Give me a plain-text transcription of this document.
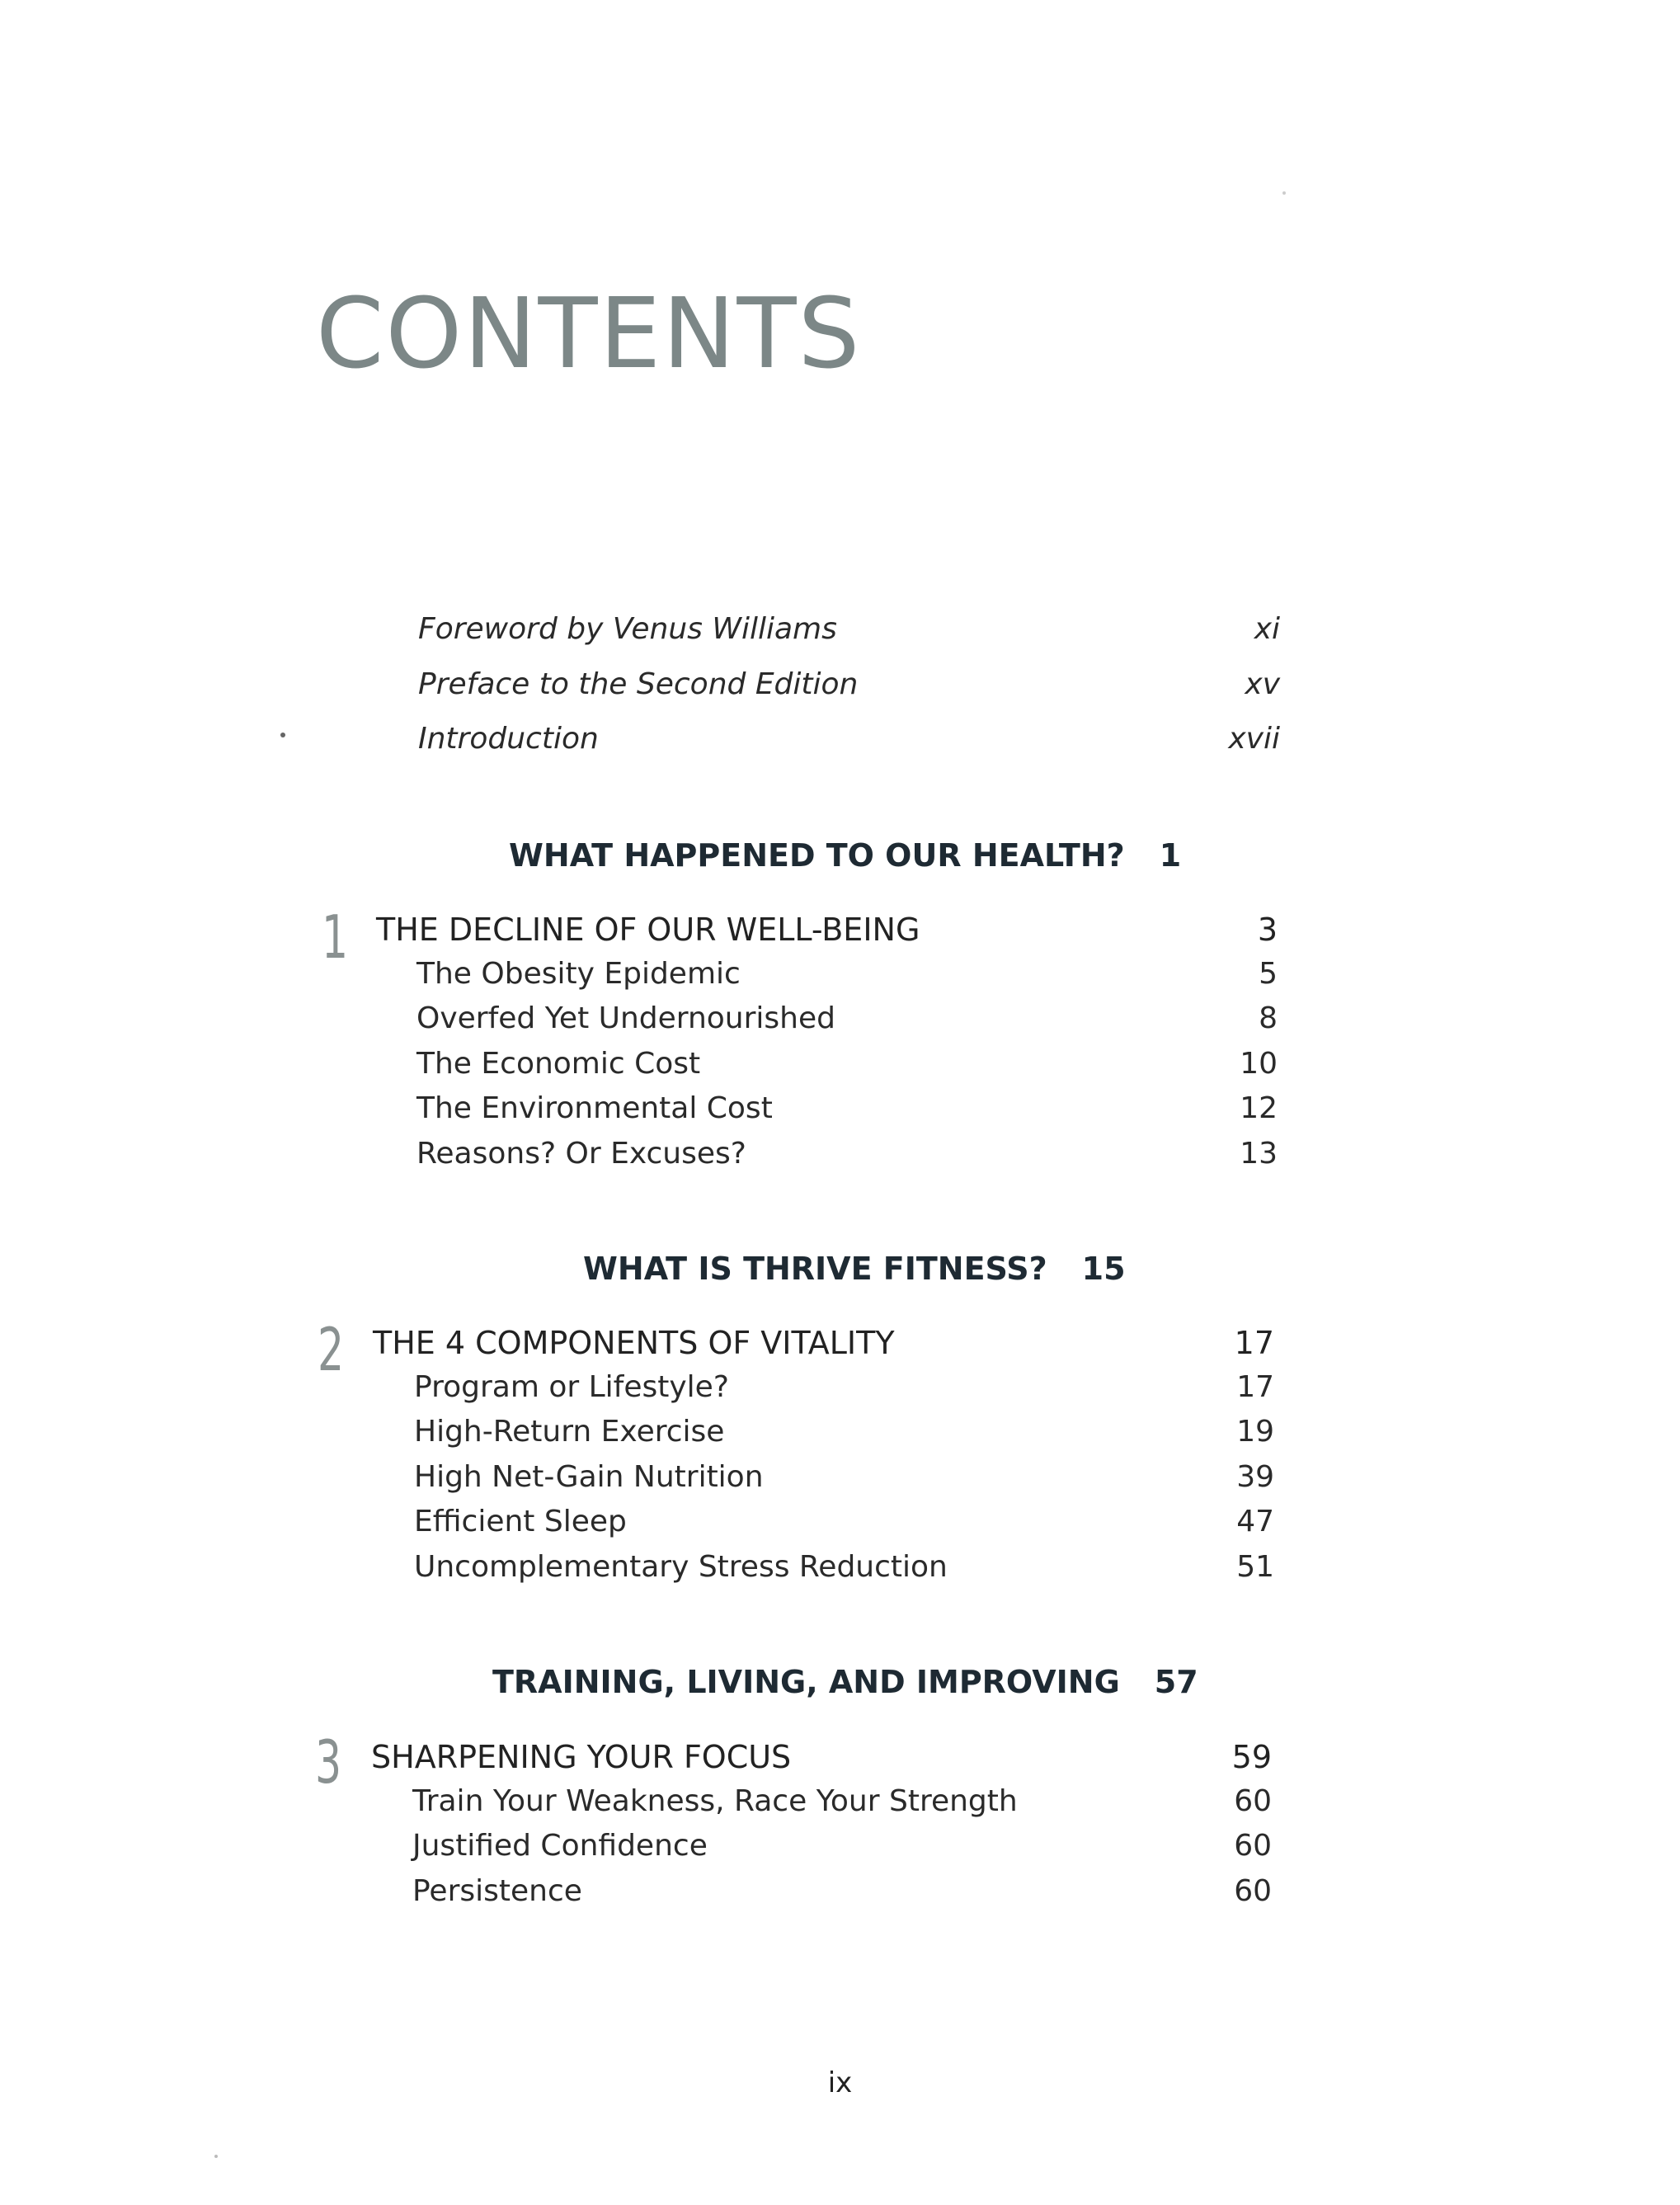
CONTENTS
Foreword by Venus Williams	xi
Preface to the Second Edition	xv
Introduction	xvii
WHAT HAPPENED TO OUR HEALTH? 1
1 THE DECLINE OF OUR WELL-BEING	3
The Obesity Epidemic	5
Overfed Yet Undernourished	8
The Economic Cost	10
The Environmental Cost	12
Reasons? Or Excuses?	13
WHAT IS THRIVE FITNESS? 15
2 THE 4 COMPONENTS OF VITALITY	17
Program or Lifestyle?	17
High-Return Exercise	19
High Net-Gain Nutrition	39
Efficient Sleep	47
Uncomplementary Stress Reduction	51
TRAINING, LIVING, AND IMPROVING 57
3 SHARPENING YOUR FOCUS	59
Train Your Weakness, Race Your Strength	60
Justified Confidence	60
Persistence	60
ix
